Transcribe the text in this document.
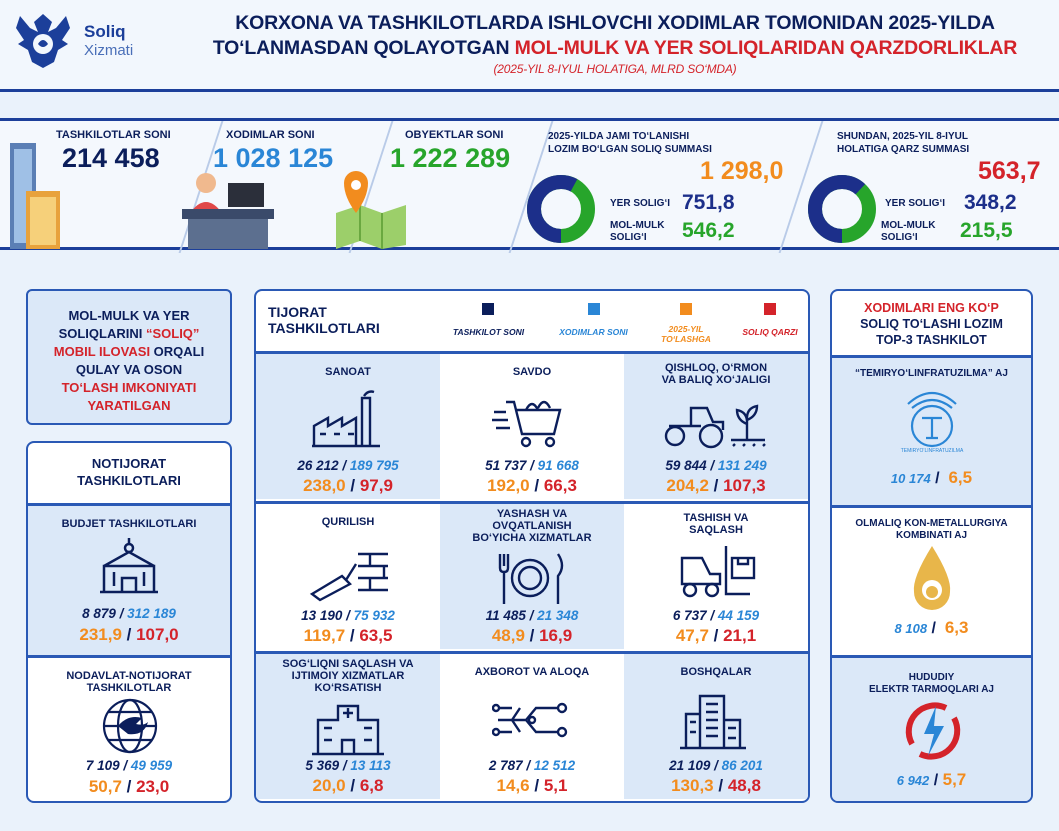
Soliq
Xizmati
KORXONA VA TASHKILOTLARDA ISHLOVCHI XODIMLAR TOMONIDAN 2025-YILDA
TO‘LANMASDAN QOLAYOTGAN MOL-MULK VA YER SOLIQLARIDAN QARZDORLIKLAR
(2025-YIL 8-IYUL HOLATIGA, MLRD SO‘MDA)
TASHKILOTLAR SONI
214 458
XODIMLAR SONI
1 028 125
OBYEKTLAR SONI
1 222 289
2025-YILDA JAMI TO‘LANISHI
LOZIM BO‘LGAN SOLIQ SUMMASI
1 298,0
YER SOLIG‘I 751,8
MOL-MULK
SOLIG‘I 546,2
SHUNDAN, 2025-YIL 8-IYUL
HOLATIGA QARZ SUMMASI
563,7
YER SOLIG‘I 348,2
MOL-MULK
SOLIG‘I 215,5
MOL-MULK VA YER
SOLIQLARINI “SOLIQ”
MOBIL ILOVASI ORQALI
QULAY VA OSON
TO‘LASH IMKONIYATI
YARATILGAN
NOTIJORAT
TASHKILOTLARI
BUDJET TASHKILOTLARI
8 879 / 312 189
231,9 / 107,0
NODAVLAT-NOTIJORAT
TASHKILOTLAR
7 109 / 49 959
50,7 / 23,0
TIJORAT
TASHKILOTLARI	TASHKILOT SONI	XODIMLAR SONI	2025-YIL
TO‘LASHGA
SOLIQ QARZI
SANOAT
26 212 / 189 795
238,0 / 97,9
SAVDO
51 737 / 91 668
192,0 / 66,3
QISHLOQ, O‘RMON
VA BALIQ XO‘JALIGI
59 844 / 131 249
204,2 / 107,3
QURILISH
13 190 / 75 932
119,7 / 63,5
YASHASH VA
OVQATLANISH
BO‘YICHA XIZMATLAR
11 485 / 21 348
48,9 / 16,9
TASHISH VA
SAQLASH
6 737 / 44 159
47,7 / 21,1
SOG‘LIQNI SAQLASH VA
IJTIMOIY XIZMATLAR
KO‘RSATISH
5 369 / 13 113
20,0 / 6,8
AXBOROT VA ALOQA
2 787 / 12 512
14,6 / 5,1
BOSHQALAR
21 109 / 86 201
130,3 / 48,8
XODIMLARI ENG KO‘P
SOLIQ TO‘LASHI LOZIM
TOP-3 TASHKILOT
“TEMIRYO‘LINFRATUZILMA” AJ
TEMIRYO‘LINFRATUZILMA
10 174 /  6,5
OLMALIQ KON-METALLURGIYA
KOMBINATI AJ
8 108 /  6,3
HUDUDIY
ELEKTR TARMOQLARI AJ
6 942 / 5,7
